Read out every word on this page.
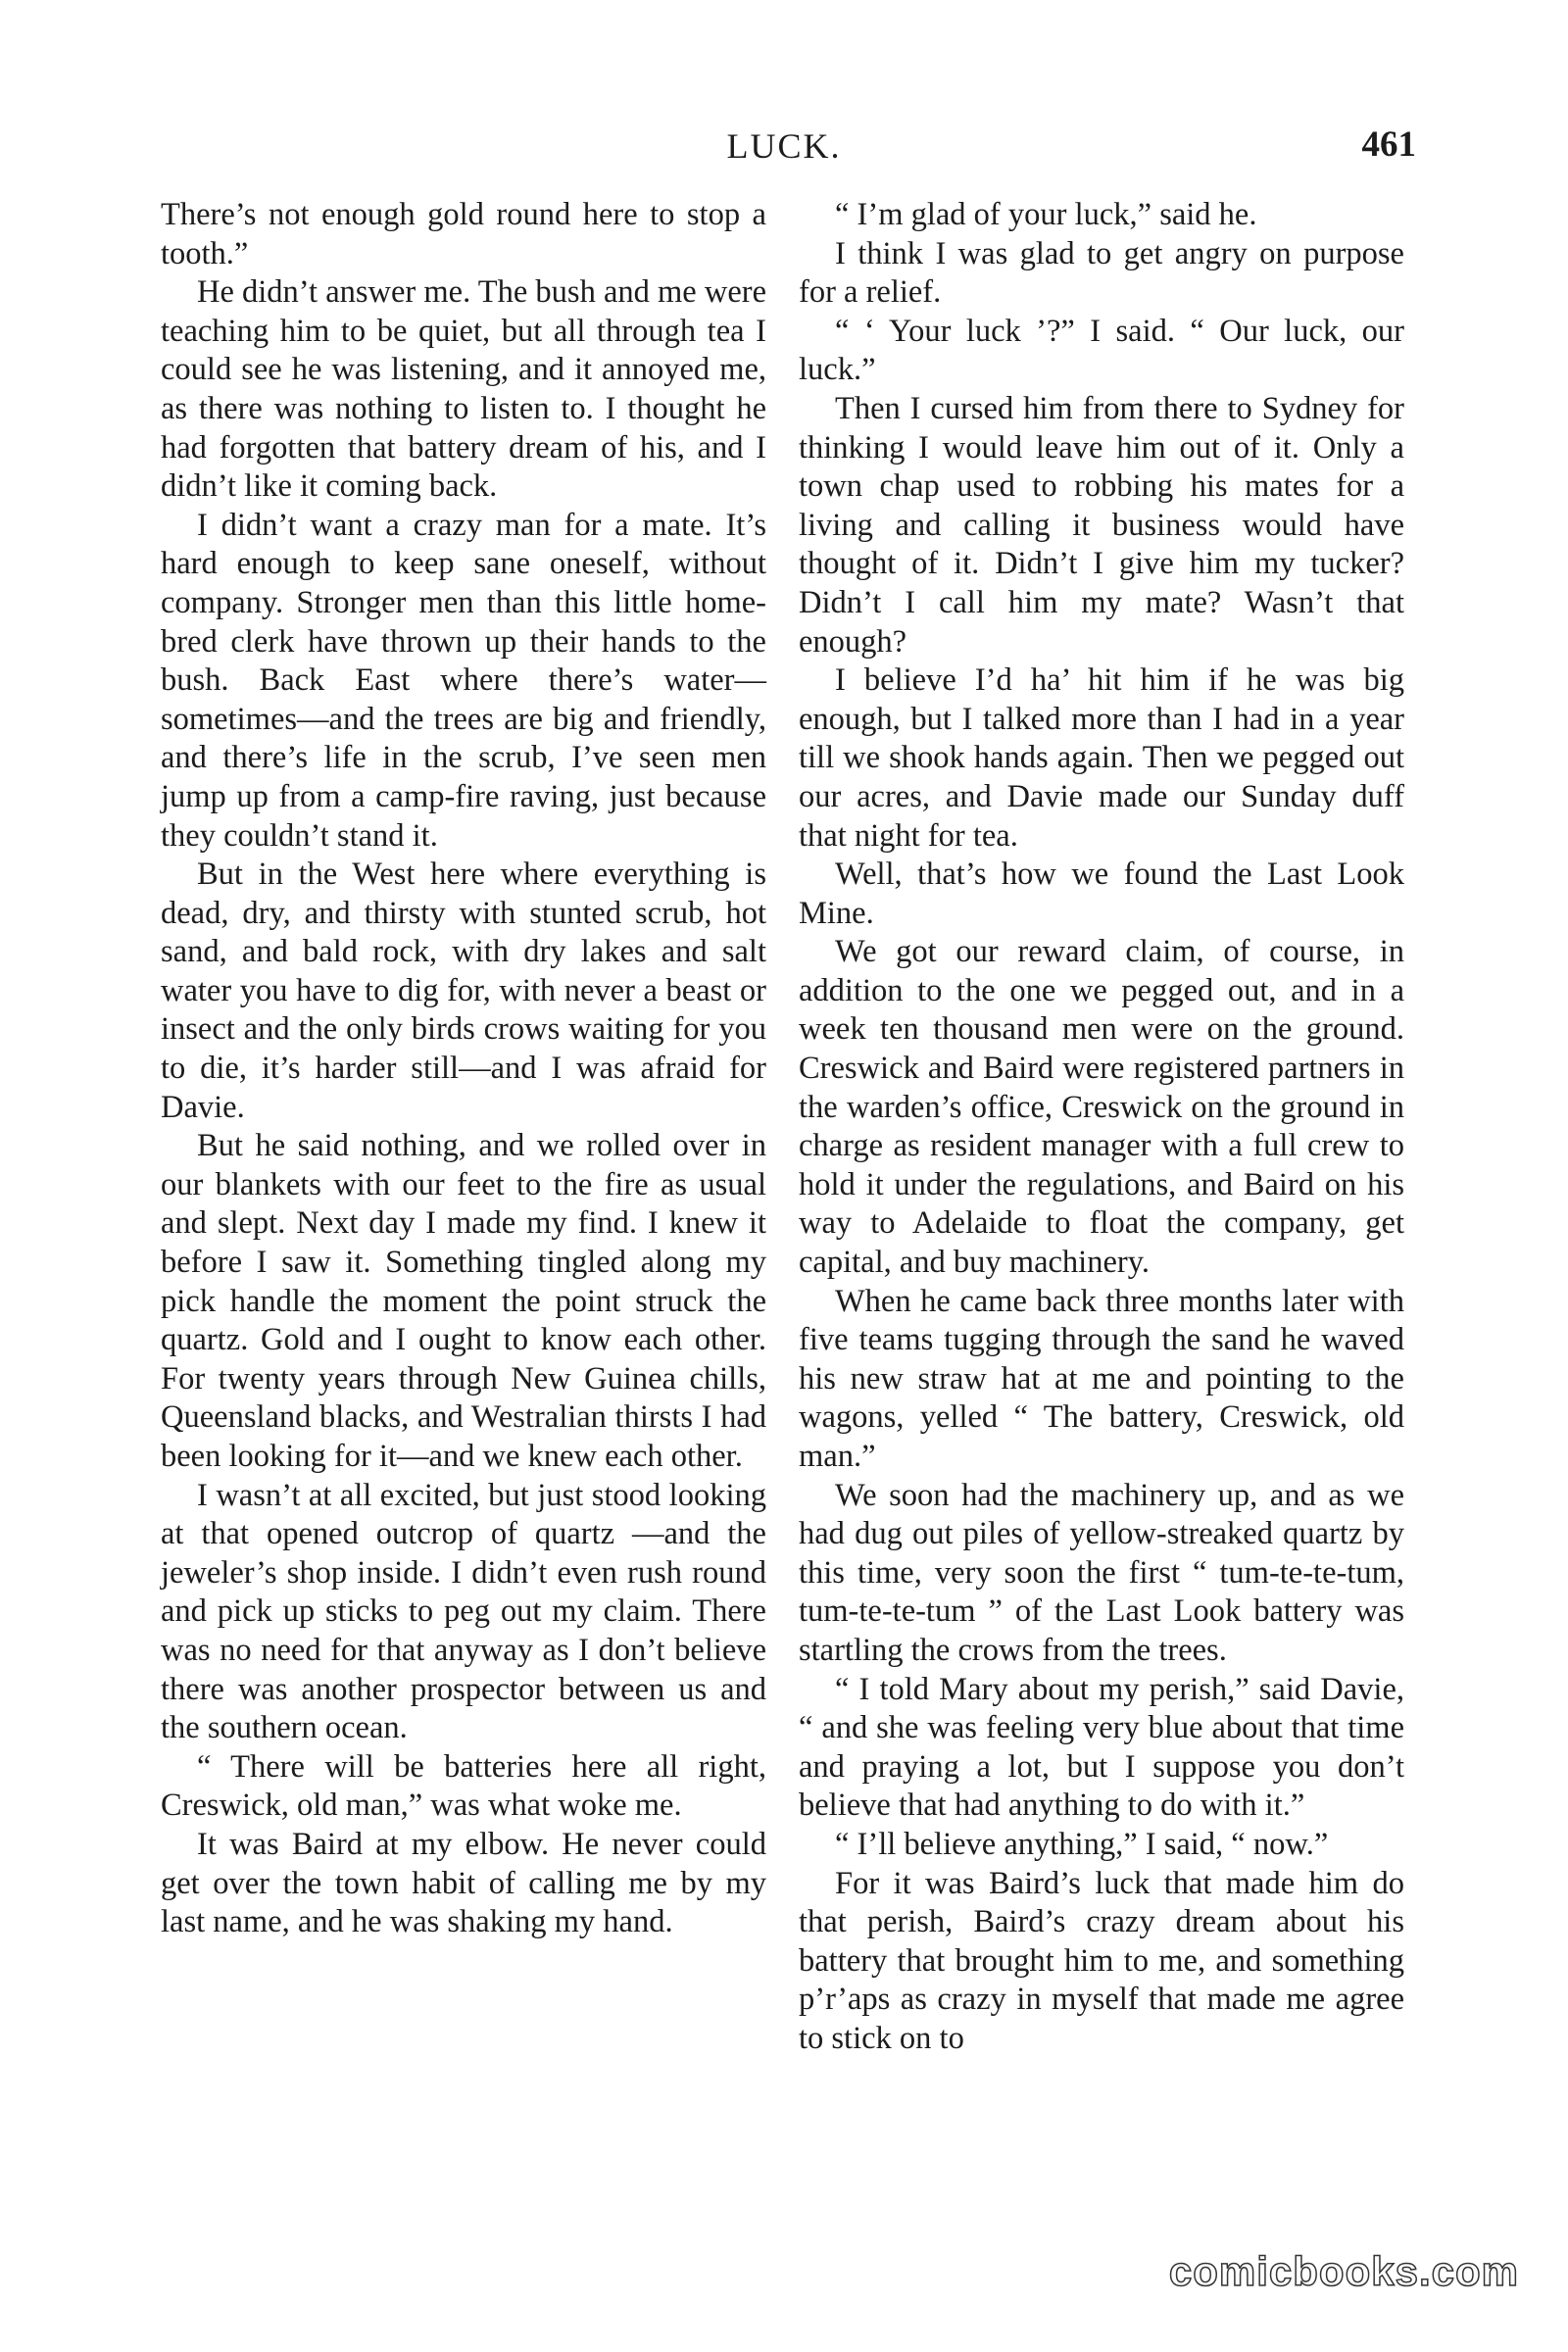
LUCK.	461

There’s not enough gold round here to stop a tooth.”

He didn’t answer me. The bush and me were teaching him to be quiet, but all through tea I could see he was listening, and it annoyed me, as there was nothing to listen to. I thought he had forgotten that battery dream of his, and I didn’t like it coming back.

I didn’t want a crazy man for a mate. It’s hard enough to keep sane oneself, without company. Stronger men than this little home-bred clerk have thrown up their hands to the bush. Back East where there’s water—sometimes—and the trees are big and friendly, and there’s life in the scrub, I’ve seen men jump up from a camp-fire raving, just because they couldn’t stand it.

But in the West here where everything is dead, dry, and thirsty with stunted scrub, hot sand, and bald rock, with dry lakes and salt water you have to dig for, with never a beast or insect and the only birds crows waiting for you to die, it’s harder still—and I was afraid for Davie.

But he said nothing, and we rolled over in our blankets with our feet to the fire as usual and slept. Next day I made my find. I knew it before I saw it. Something tingled along my pick handle the moment the point struck the quartz. Gold and I ought to know each other. For twenty years through New Guinea chills, Queensland blacks, and Westralian thirsts I had been looking for it—and we knew each other.

I wasn’t at all excited, but just stood looking at that opened outcrop of quartz —and the jeweler’s shop inside. I didn’t even rush round and pick up sticks to peg out my claim. There was no need for that anyway as I don’t believe there was another prospector between us and the southern ocean.

“ There will be batteries here all right, Creswick, old man,” was what woke me.

It was Baird at my elbow. He never could get over the town habit of calling me by my last name, and he was shaking my hand.

“ I’m glad of your luck,” said he.

I think I was glad to get angry on purpose for a relief.

“ ‘ Your luck ’?” I said. “ Our luck, our luck.”

Then I cursed him from there to Sydney for thinking I would leave him out of it. Only a town chap used to robbing his mates for a living and calling it business would have thought of it. Didn’t I give him my tucker? Didn’t I call him my mate? Wasn’t that enough?

I believe I’d ha’ hit him if he was big enough, but I talked more than I had in a year till we shook hands again. Then we pegged out our acres, and Davie made our Sunday duff that night for tea.

Well, that’s how we found the Last Look Mine.

We got our reward claim, of course, in addition to the one we pegged out, and in a week ten thousand men were on the ground. Creswick and Baird were registered partners in the warden’s office, Creswick on the ground in charge as resident manager with a full crew to hold it under the regulations, and Baird on his way to Adelaide to float the company, get capital, and buy machinery.

When he came back three months later with five teams tugging through the sand he waved his new straw hat at me and pointing to the wagons, yelled “ The battery, Creswick, old man.”

We soon had the machinery up, and as we had dug out piles of yellow-streaked quartz by this time, very soon the first “ tum-te-te-tum, tum-te-te-tum ” of the Last Look battery was startling the crows from the trees.

“ I told Mary about my perish,” said Davie, “ and she was feeling very blue about that time and praying a lot, but I suppose you don’t believe that had anything to do with it.”

“ I’ll believe anything,” I said, “ now.”

For it was Baird’s luck that made him do that perish, Baird’s crazy dream about his battery that brought him to me, and something p’r’aps as crazy in myself that made me agree to stick on to

comicbooks.com
